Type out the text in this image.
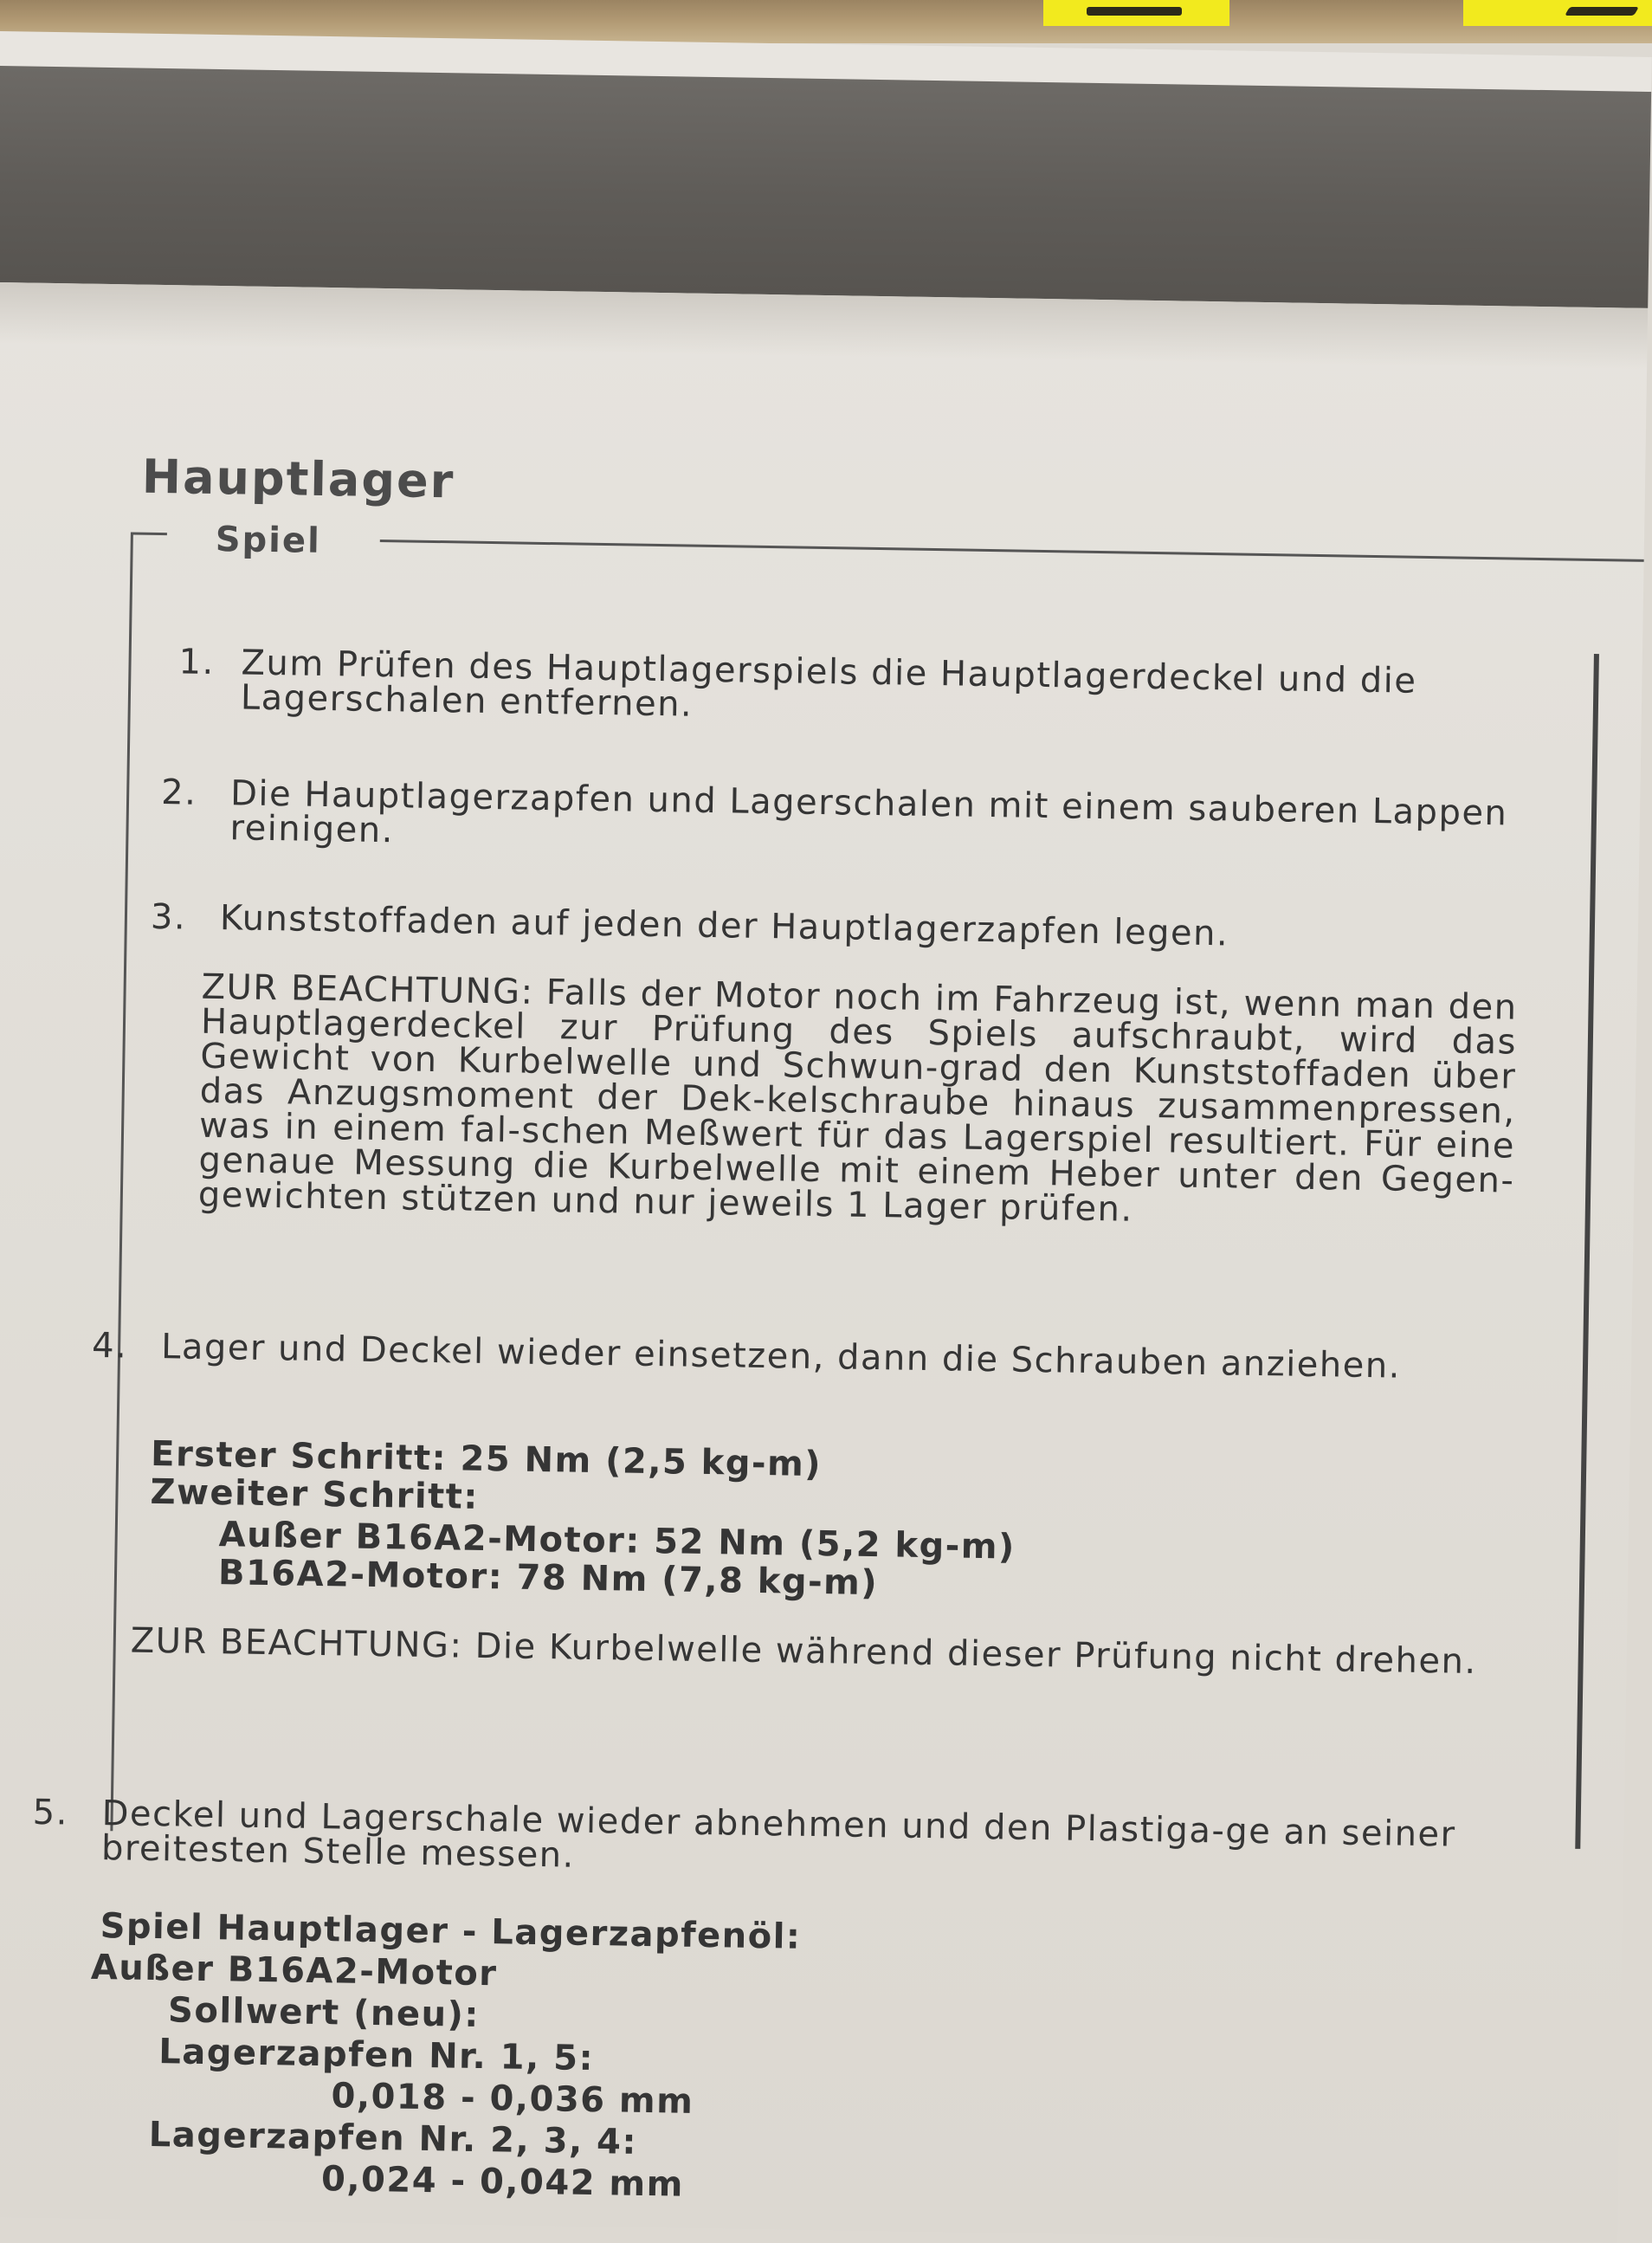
Hauptlager
Spiel
1. Zum Prüfen des Hauptlagerspiels die Hauptlagerdeckel und die Lagerschalen entfernen.

2. Die Hauptlagerzapfen und Lagerschalen mit einem sauberen Lappen reinigen.

3. Kunststoffaden auf jeden der Hauptlagerzapfen legen.

ZUR BEACHTUNG: Falls der Motor noch im Fahrzeug ist, wenn man den Hauptlagerdeckel zur Prüfung des Spiels aufschraubt, wird das Gewicht von Kurbelwelle und Schwun-grad den Kunststoffaden über das Anzugsmoment der Dek-kelschraube hinaus zusammenpressen, was in einem fal-schen Meßwert für das Lagerspiel resultiert. Für eine genaue Messung die Kurbelwelle mit einem Heber unter den Gegen-gewichten stützen und nur jeweils 1 Lager prüfen.

4. Lager und Deckel wieder einsetzen, dann die Schrauben anziehen.

Erster Schritt: 25 Nm (2,5 kg-m)
Zweiter Schritt:
Außer B16A2-Motor: 52 Nm (5,2 kg-m)
B16A2-Motor: 78 Nm (7,8 kg-m)

ZUR BEACHTUNG: Die Kurbelwelle während dieser Prüfung nicht drehen.

5. Deckel und Lagerschale wieder abnehmen und den Plastiga-ge an seiner breitesten Stelle messen.

Spiel Hauptlager - Lagerzapfenöl:
Außer B16A2-Motor
Sollwert (neu):
Lagerzapfen Nr. 1, 5:
0,018 - 0,036 mm
Lagerzapfen Nr. 2, 3, 4:
0,024 - 0,042 mm
